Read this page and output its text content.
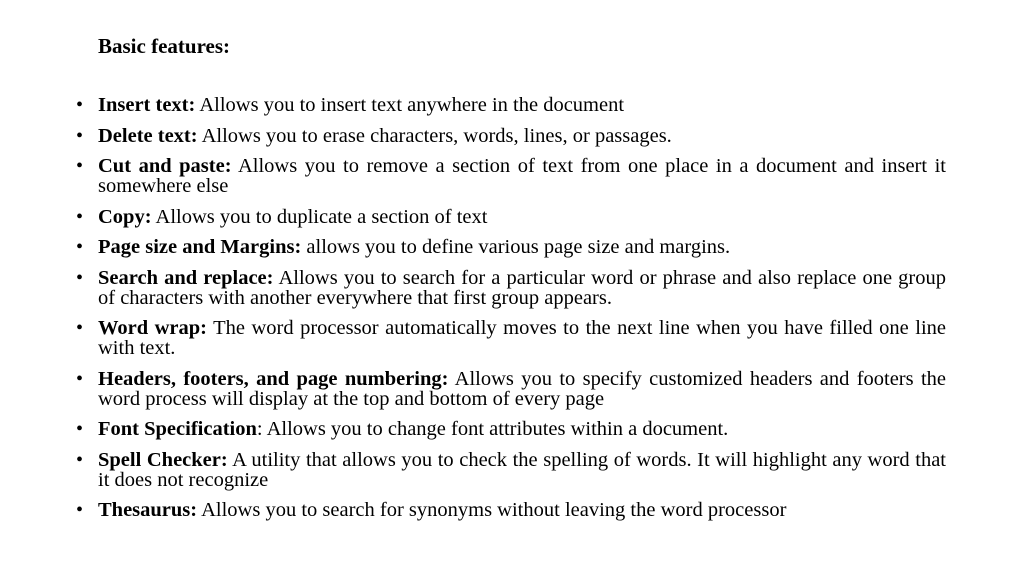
Basic features:
• Insert text: Allows you to insert text anywhere in the document
• Delete text: Allows you to erase characters, words, lines, or passages.
• Cut and paste: Allows you to remove a section of text from one place in a document and insert it somewhere else
• Copy: Allows you to duplicate a section of text
• Page size and Margins: allows you to define various page size and margins.
• Search and replace: Allows you to search for a particular word or phrase and also replace one group of characters with another everywhere that first group appears.
• Word wrap: The word processor automatically moves to the next line when you have filled one line with text.
• Headers, footers, and page numbering: Allows you to specify customized headers and footers the word process will display at the top and bottom of every page
• Font Specification: Allows you to change font attributes within a document.
• Spell Checker: A utility that allows you to check the spelling of words. It will highlight any word that it does not recognize
• Thesaurus: Allows you to search for synonyms without leaving the word processor
